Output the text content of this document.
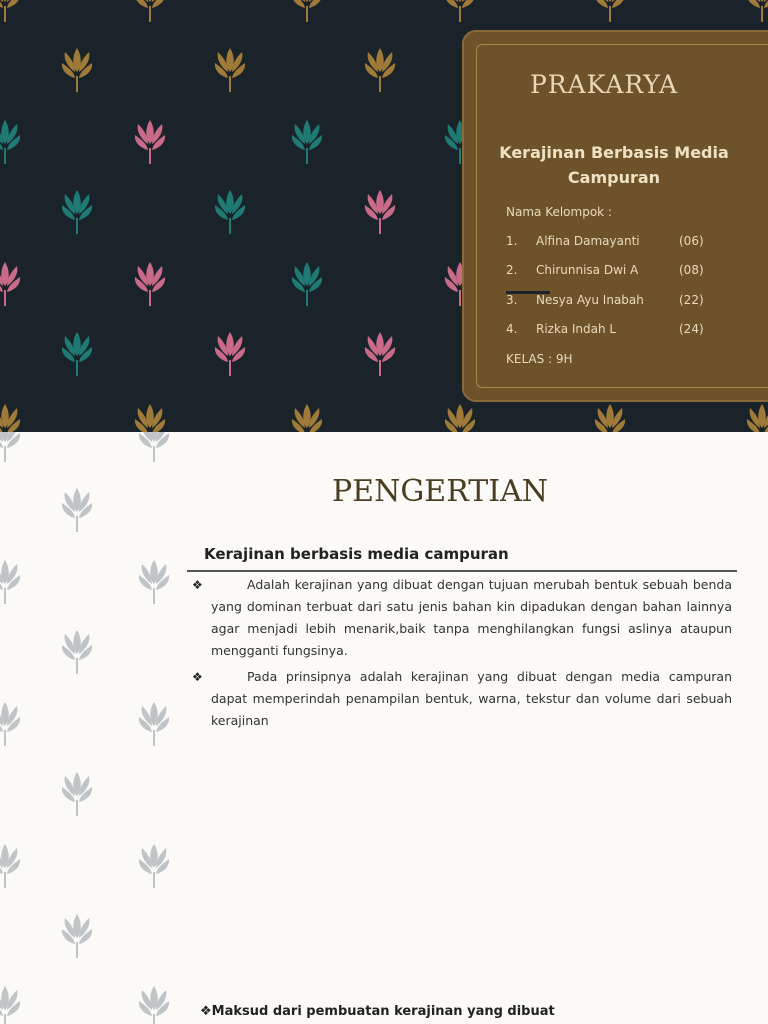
PRAKARYA
Kerajinan Berbasis Media Campuran
Nama Kelompok :
1. Alfina Damayanti	(06)
2. Chirunnisa Dwi A	(08)
3. Nesya Ayu Inabah	(22)
4. Rizka Indah L	(24)
KELAS : 9H
PENGERTIAN
Kerajinan berbasis media campuran
❖	Adalah kerajinan yang dibuat dengan tujuan merubah bentuk sebuah benda yang dominan terbuat dari satu jenis bahan kin dipadukan dengan bahan lainnya agar menjadi lebih menarik,baik tanpa menghilangkan fungsi aslinya ataupun mengganti fungsinya.
❖	Pada prinsipnya adalah kerajinan yang dibuat dengan media campuran dapat memperindah penampilan bentuk, warna, tekstur dan volume dari sebuah kerajinan
❖Maksud dari pembuatan kerajinan yang dibuat
